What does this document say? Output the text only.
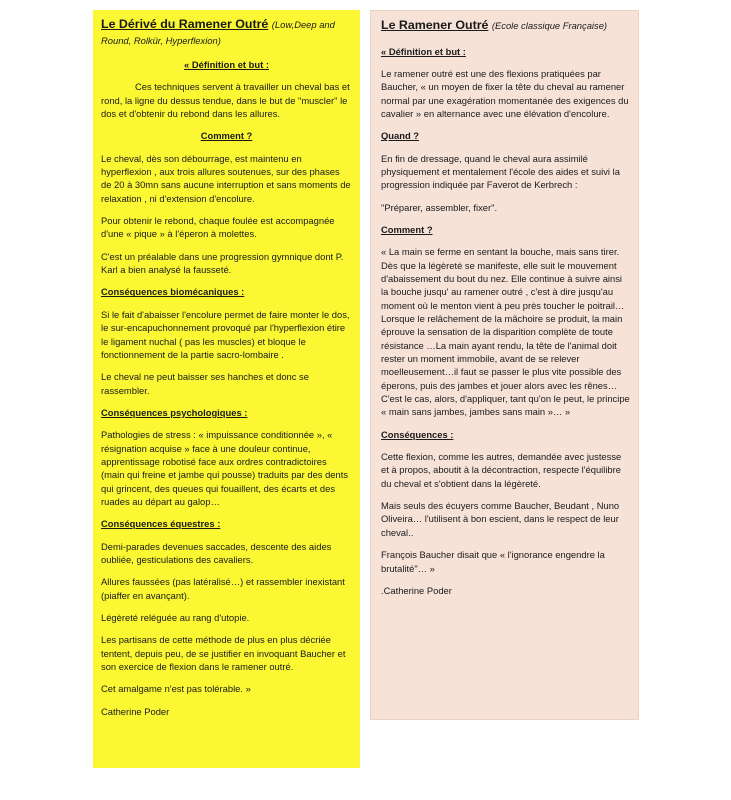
Le Dérivé du Ramener Outré (Low,Deep and Round, Rolkür, Hyperflexion)

« Définition et but :

Ces techniques servent à travailler un cheval bas et rond, la ligne du dessus tendue, dans le but de "muscler" le dos et d'obtenir du rebond dans les allures.

Comment ?

Le cheval, dès son débourrage, est maintenu en hyperflexion , aux trois allures soutenues, sur des phases de 20 à 30mn sans aucune interruption et sans moments de relaxation , ni d'extension d'encolure.

Pour obtenir le rebond, chaque foulée est accompagnée d'une « pique » à l'éperon à molettes.

C'est un préalable dans une progression gymnique dont P. Karl a bien analysé la fausseté.

Conséquences biomécaniques :

Si le fait d'abaisser l'encolure permet de faire monter le dos, le sur-encapuchonnement provoqué par l'hyperflexion étire le ligament nuchal ( pas les muscles) et bloque le fonctionnement de la partie sacro-lombaire .

Le cheval ne peut baisser ses hanches et donc se rassembler.

Conséquences psychologiques :

Pathologies de stress : « impuissance conditionnée », « résignation acquise » face à une douleur continue, apprentissage robotisé face aux ordres contradictoires (main qui freine et jambe qui pousse) traduits par des dents qui grincent, des queues qui fouaillent, des écarts et des ruades au départ au galop…

Conséquences équestres :

Demi-parades devenues saccades, descente des aides oubliée, gesticulations des cavaliers.

Allures faussées (pas latéralisé…) et rassembler inexistant (piaffer en avançant).

Légèreté reléguée au rang d'utopie.

Les partisans de cette méthode de plus en plus décriée tentent, depuis peu, de se justifier en invoquant Baucher et son exercice de flexion dans le ramener outré.

Cet amalgame n'est pas tolérable. »

Catherine Poder

Le Ramener Outré (Ecole classique Française)

« Définition et but :

Le ramener outré est une des flexions pratiquées par Baucher, « un moyen de fixer la tête du cheval au ramener normal par une exagération momentanée des exigences du cavalier » en alternance avec une élévation d'encolure.

Quand ?

En fin de dressage, quand le cheval aura assimilé physiquement et mentalement l'école des aides et suivi la progression indiquée par Faverot de Kerbrech :

"Préparer, assembler, fixer".

Comment ?

« La main se ferme en sentant la bouche, mais sans tirer. Dès que la légèreté se manifeste, elle suit le mouvement d'abaissement du bout du nez. Elle continue à suivre ainsi la bouche jusqu' au ramener outré , c'est à dire jusqu'au moment où le menton vient à peu près toucher le poitrail…Lorsque le relâchement de la mâchoire se produit, la main éprouve la sensation de la disparition complète de toute résistance …La main ayant rendu, la tête de l'animal doit rester un moment immobile, avant de se relever moelleusement…il faut se passer le plus vite possible des éperons, puis des jambes et jouer alors avec les rênes…C'est le cas, alors, d'appliquer, tant qu'on le peut, le principe « main sans jambes, jambes sans main »… »

Conséquences :

Cette flexion, comme les autres, demandée avec justesse et à propos, aboutit à la décontraction, respecte l'équilibre du cheval et s'obtient dans la légèreté.

Mais seuls des écuyers comme Baucher, Beudant , Nuno Oliveira… l'utilisent à bon escient, dans le respect de leur cheval..

François Baucher disait que « l'ignorance engendre la brutalité"… »

.Catherine Poder
